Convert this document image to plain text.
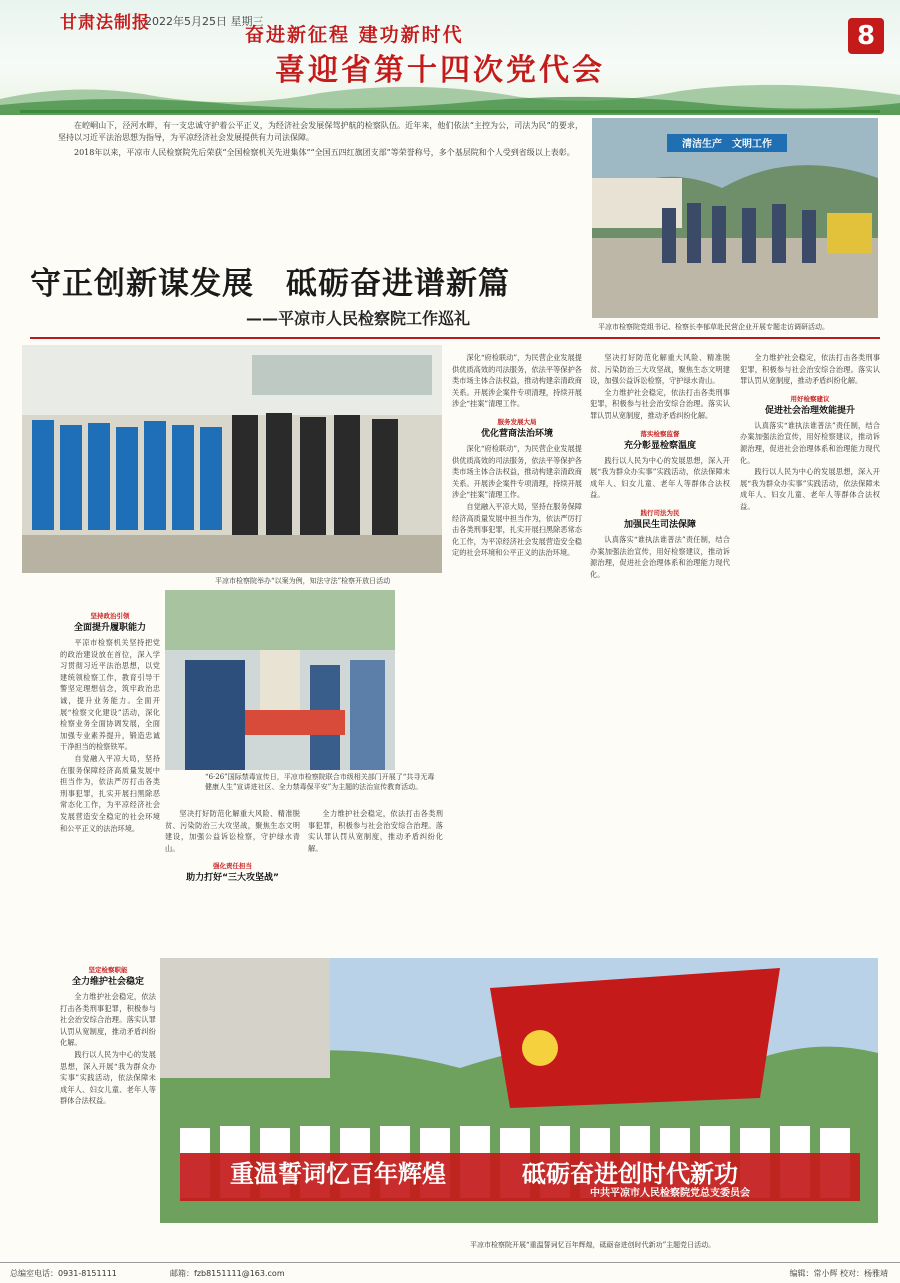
甘肃法制报
2022年5月25日 星期三
奋进新征程 建功新时代
喜迎省第十四次党代会
8

在崆峒山下，泾河水畔，有一支忠诚守护着公平正义，为经济社会发展保驾护航的检察队伍。近年来，他们依法“主控为公，司法为民”的要求，坚持以习近平法治思想为指导，为平凉经济社会发展提供有力司法保障。

2018年以来，平凉市人民检察院先后荣获“全国检察机关先进集体”“全国五四红旗团支部”等荣誉称号，多个基层院和个人受到省级以上表彰。

清洁生产　文明工作
平凉市检察院党组书记、检察长李郁草赴民营企业开展专题走访调研活动。
守正创新谋发展　砥砺奋进谱新篇
——平凉市人民检察院工作巡礼
平凉市检察院举办“以案为例，知法守法”检察开放日活动
“6·26”国际禁毒宣传日，平凉市检察院联合市级相关部门开展了“共寻无毒健康人生”宣讲进社区、全力禁毒保平安”为主题的法治宣传教育活动。
坚持政治引领
全面提升履职能力

平凉市检察机关坚持把党的政治建设放在首位，深入学习贯彻习近平法治思想，以党建统领检察工作，教育引导干警坚定理想信念，筑牢政治忠诚，提升业务能力。全面开展“检察文化建设”活动，深化检察业务全面协调发展，全面加强专业素养提升，锻造忠诚干净担当的检察铁军。

自觉融入平凉大局，坚持在服务保障经济高质量发展中担当作为，依法严厉打击各类刑事犯罪，扎实开展扫黑除恶常态化工作，为平凉经济社会发展营造安全稳定的社会环境和公平正义的法治环境。

深化“府检联动”，为民营企业发展提供优质高效的司法服务，依法平等保护各类市场主体合法权益，推动构建亲清政商关系。开展涉企案件专项清理，持续开展涉企“挂案”清理工作。

服务发展大局
优化营商法治环境

深化“府检联动”，为民营企业发展提供优质高效的司法服务，依法平等保护各类市场主体合法权益，推动构建亲清政商关系。开展涉企案件专项清理，持续开展涉企“挂案”清理工作。

自觉融入平凉大局，坚持在服务保障经济高质量发展中担当作为，依法严厉打击各类刑事犯罪，扎实开展扫黑除恶常态化工作，为平凉经济社会发展营造安全稳定的社会环境和公平正义的法治环境。

坚决打好防范化解重大风险、精准脱贫、污染防治三大攻坚战，聚焦生态文明建设，加强公益诉讼检察，守护绿水青山。

全力维护社会稳定，依法打击各类刑事犯罪，积极参与社会治安综合治理。落实认罪认罚从宽制度，推动矛盾纠纷化解。

落实检察监督
充分彰显检察温度

践行以人民为中心的发展思想，深入开展“我为群众办实事”实践活动，依法保障未成年人、妇女儿童、老年人等群体合法权益。

践行司法为民
加强民生司法保障

认真落实“谁执法谁普法”责任制，结合办案加强法治宣传，用好检察建议，推动诉源治理，促进社会治理体系和治理能力现代化。

全力维护社会稳定，依法打击各类刑事犯罪，积极参与社会治安综合治理。落实认罪认罚从宽制度，推动矛盾纠纷化解。

用好检察建议
促进社会治理效能提升

认真落实“谁执法谁普法”责任制，结合办案加强法治宣传，用好检察建议，推动诉源治理，促进社会治理体系和治理能力现代化。

践行以人民为中心的发展思想，深入开展“我为群众办实事”实践活动，依法保障未成年人、妇女儿童、老年人等群体合法权益。

坚决打好防范化解重大风险、精准脱贫、污染防治三大攻坚战，聚焦生态文明建设，加强公益诉讼检察，守护绿水青山。

强化责任担当
助力打好“三大攻坚战”

全力维护社会稳定，依法打击各类刑事犯罪，积极参与社会治安综合治理。落实认罪认罚从宽制度，推动矛盾纠纷化解。

坚定检察职能
全力维护社会稳定

全力维护社会稳定，依法打击各类刑事犯罪，积极参与社会治安综合治理。落实认罪认罚从宽制度，推动矛盾纠纷化解。

践行以人民为中心的发展思想，深入开展“我为群众办实事”实践活动，依法保障未成年人、妇女儿童、老年人等群体合法权益。

重温誓词忆百年辉煌	砥砺奋进创时代新功
中共平凉市人民检察院党总支委员会
平凉市检察院开展“重温誓词忆百年辉煌，砥砺奋进创时代新功”主题党日活动。
总编室电话：0931-8151111	邮箱：fzb8151111@163.com	编辑：常小辉 校对：杨雅靖
